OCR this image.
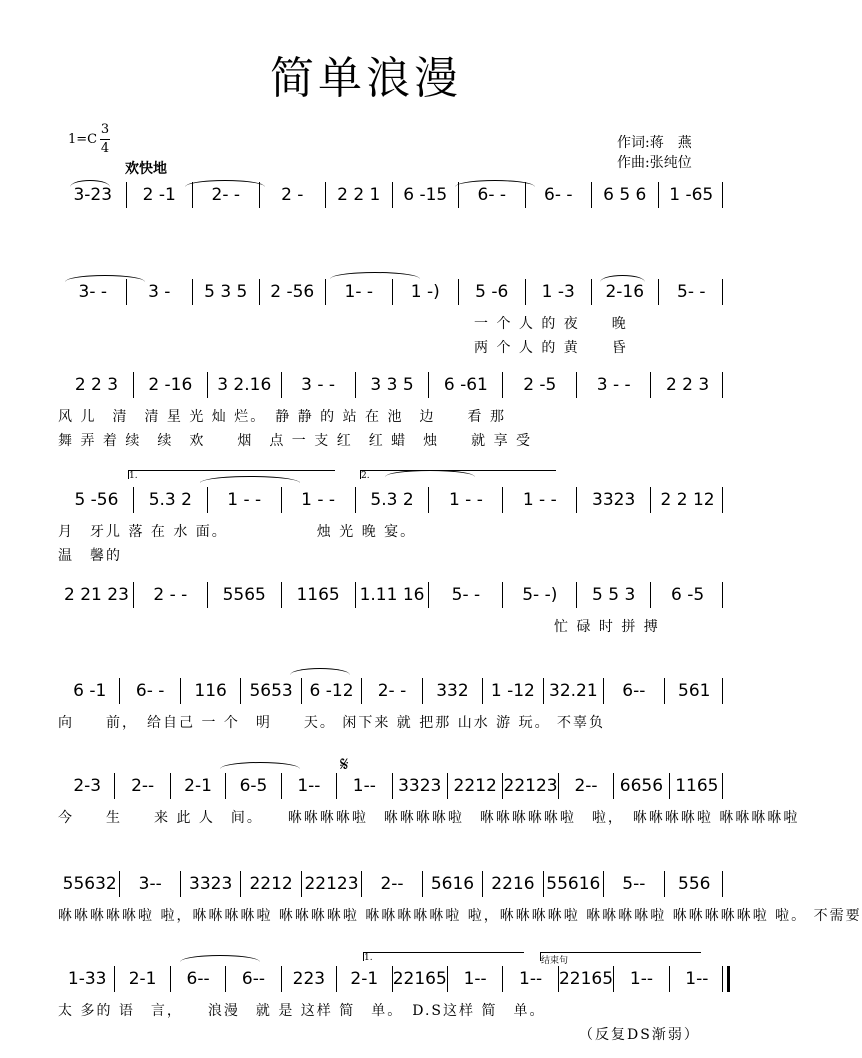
简单浪漫
1=C
3
4
欢快地
作词:蒋　燕
作曲:张纯位
1.	2.
1.	结束句
𝄋
3-23	2 -1	2- -	2 -	2 2 1	6 -15	6- -	6- -	6 5 6	1 -65
3- -	3 -	5 3 5	2 -56	1- -	1 -)	5 -6	1 -3	2-16	5- -
　　　　　　　　　　　　　　　　　　　　　　　　　　一 个 人 的 夜　　晚
　　　　　　　　　　　　　　　　　　　　　　　　　　两 个 人 的 黄　　昏
2 2 3	2 -16	3 2.16	3 - -	3 3 5	6 -61	2 -5	3 - -	2 2 3
风 儿　清　清 星 光 灿 烂。　静 静 的 站 在 池　边　　看 那
舞 弄 着 续　续　欢　　烟　点 一 支 红　红 蜡　烛　　就 享 受
5 -56	5.3 2	1 - -	1 - -	5.3 2	1 - -	1 - -	3323	2 2 12
月　牙儿 落 在 水 面。　　　　　　烛 光 晚 宴。
温　馨的
2 21 23	2 - -	5565	1165	1.11 16	5- -	5- -)	5 5 3	6 -5
　　　　　　　　　　　　　　　　　　　　　　　　　　　　　　　忙 碌 时 拼 搏
6 -1	6- -	116	5653 6 -12	2- -	332	1 -12 32.21	6--	561
向　　前，　给自己 一 个　明　　天。 闲下来 就 把那 山水 游 玩。 不辜负
2-3	2--	2-1	6-5	1--	1--	3323 2212 22123 2--	6656 1165
今　　生　　来 此 人　间。　　咻咻咻咻啦　咻咻咻咻啦　咻咻咻咻咻啦　啦，　咻咻咻咻啦 咻咻咻咻啦
55632	3--	3323	2212 22123	2--	5616	2216 55616	5--	556
咻咻咻咻咻啦 啦，咻咻咻咻啦 咻咻咻咻啦 咻咻咻咻咻啦 啦，咻咻咻咻啦 咻咻咻咻啦 咻咻咻咻咻啦 啦。 不需要
1-33	2-1	6--	6--	223	2-1 22165 1--	1-- 22165 1--	1--
太 多的 语　言，　　浪漫　就 是 这样 简　单。　D.S这样 简　单。
　　　　　　　　　　　　　　　　　　　　　　　　　　　　　　　　　（反复DS渐弱）
